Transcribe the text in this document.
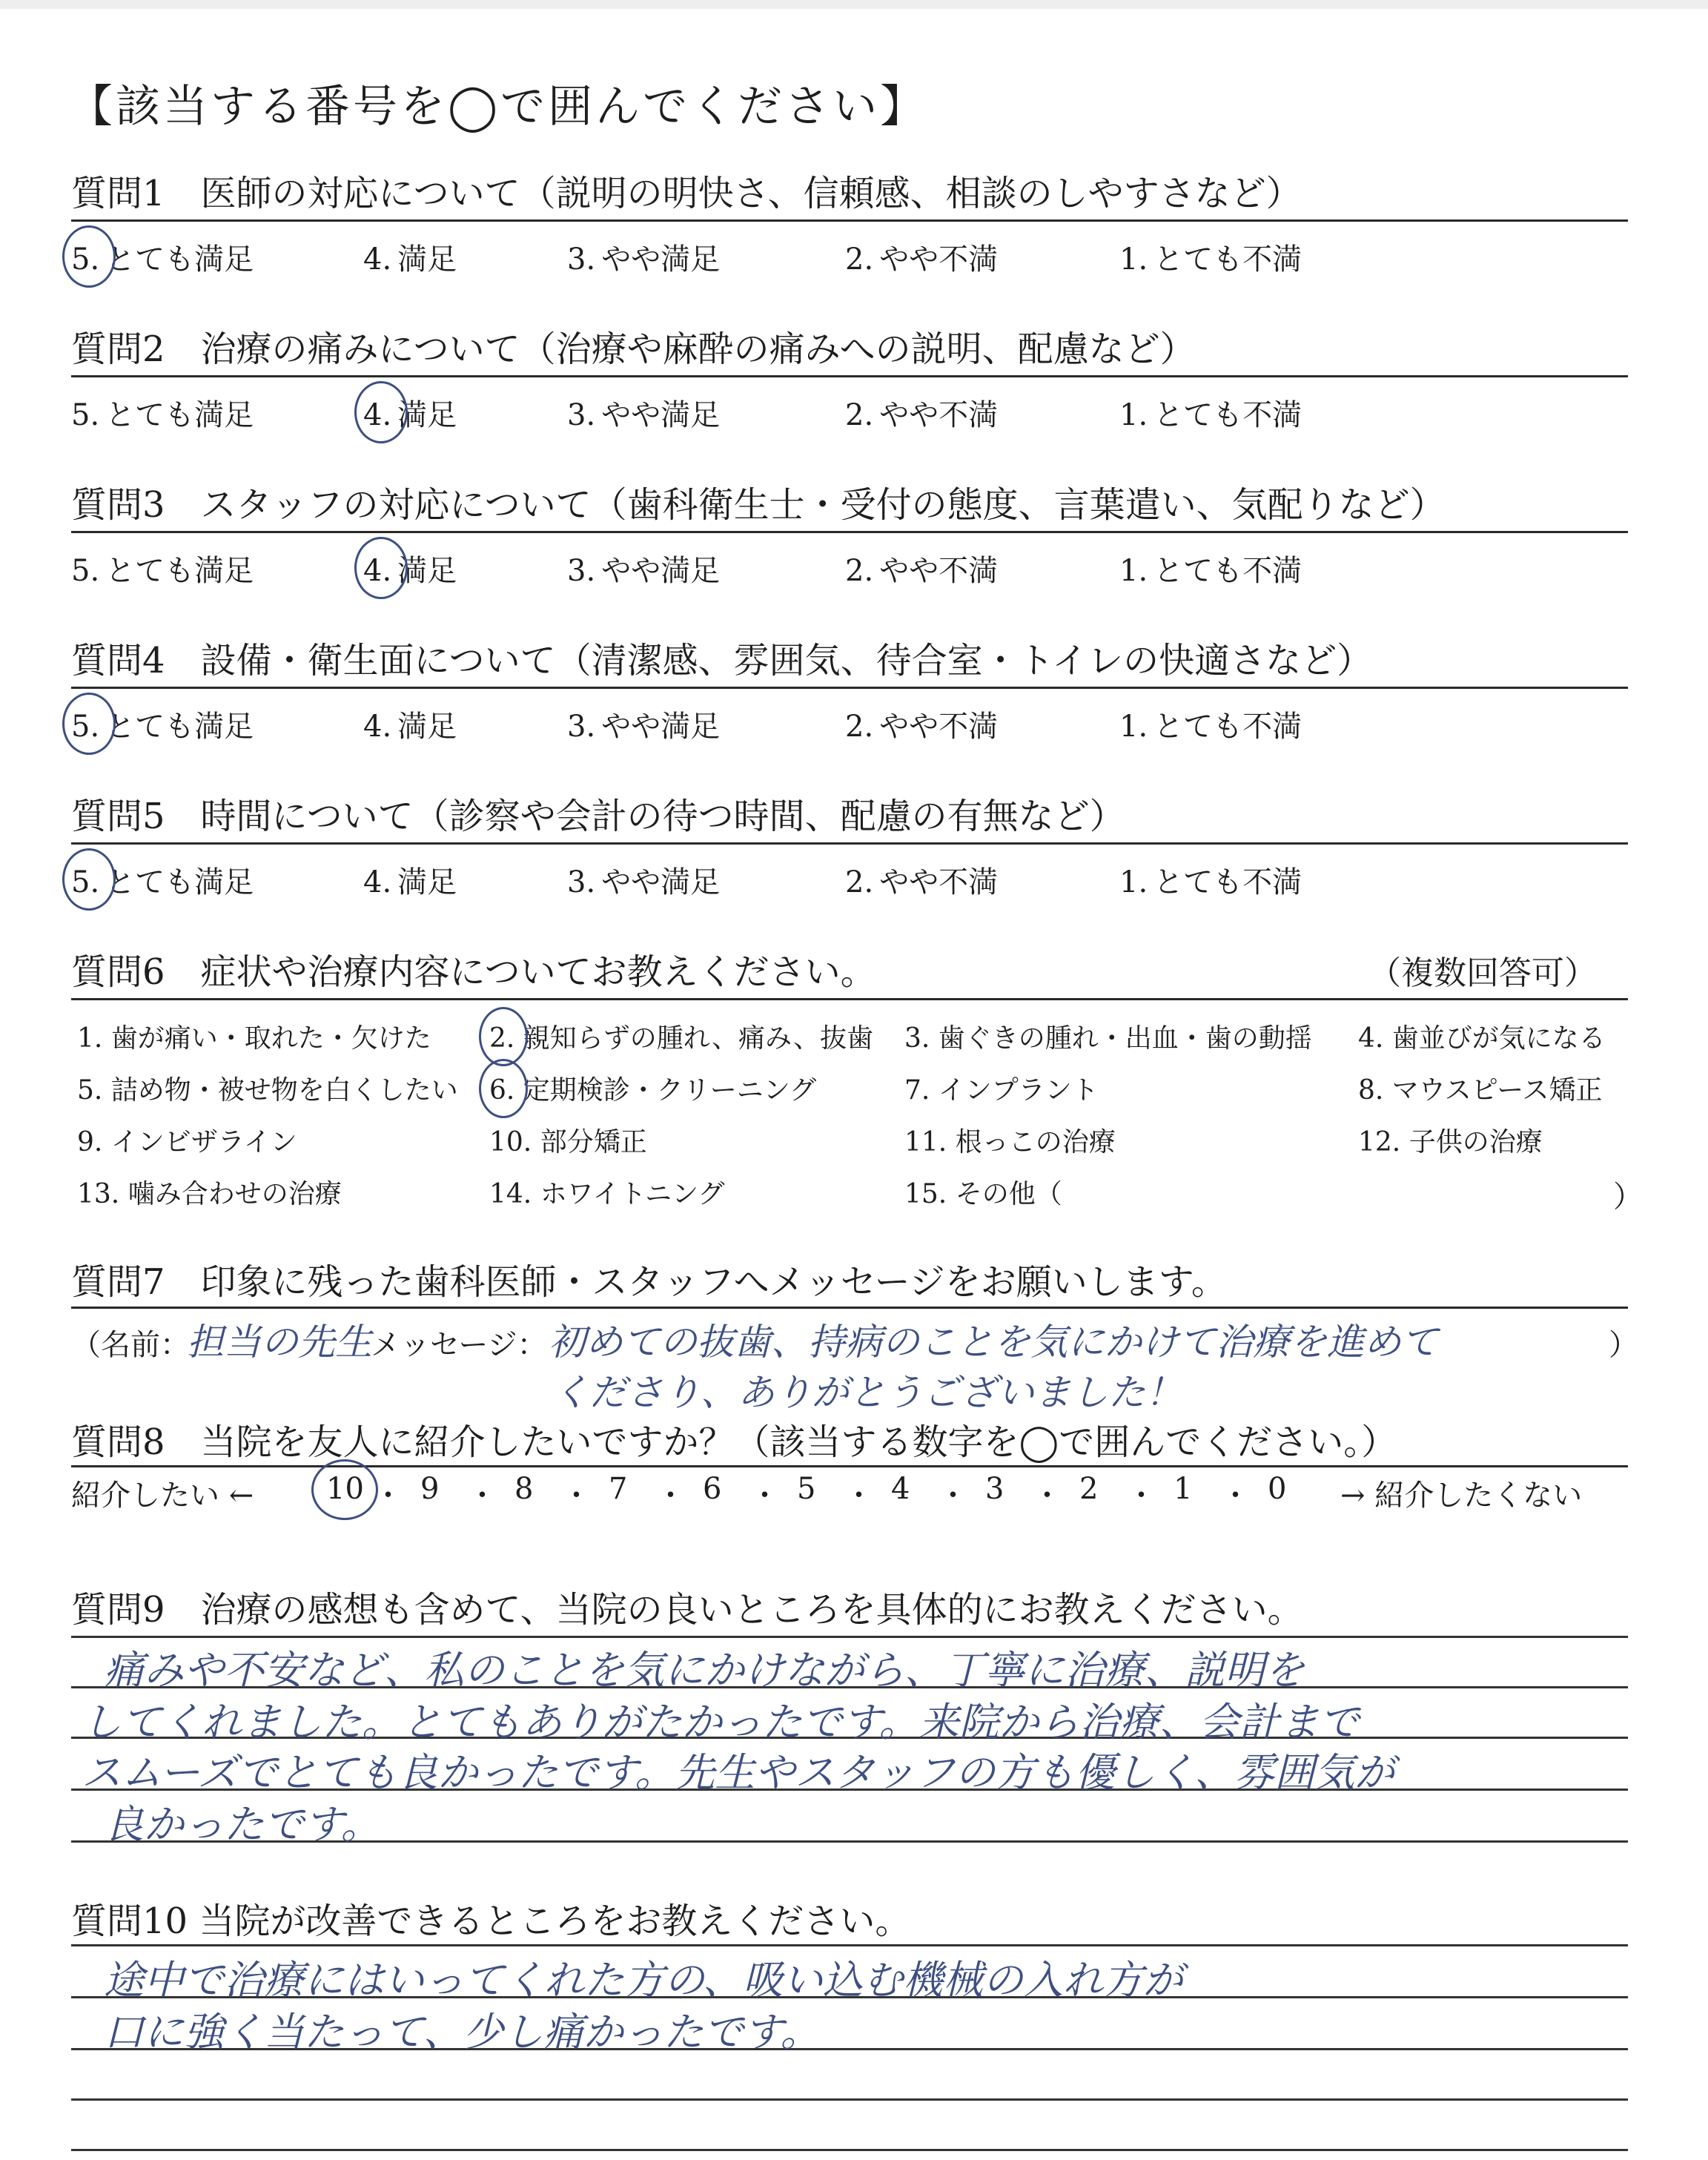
【該当する番号を◯で囲んでください】
質問1　医師の対応について（説明の明快さ、信頼感、相談のしやすさなど）
5. とても満足	4. 満足	3. やや満足	2. やや不満	1. とても不満
質問2　治療の痛みについて（治療や麻酔の痛みへの説明、配慮など）
5. とても満足	4. 満足	3. やや満足	2. やや不満	1. とても不満
質問3　スタッフの対応について（歯科衛生士・受付の態度、言葉遣い、気配りなど）
5. とても満足	4. 満足	3. やや満足	2. やや不満	1. とても不満
質問4　設備・衛生面について（清潔感、雰囲気、待合室・トイレの快適さなど）
5. とても満足	4. 満足	3. やや満足	2. やや不満	1. とても不満
質問5　時間について（診察や会計の待つ時間、配慮の有無など）
5. とても満足	4. 満足	3. やや満足	2. やや不満	1. とても不満
質問6　症状や治療内容についてお教えください。	（複数回答可）
1. 歯が痛い・取れた・欠けた 2. 親知らずの腫れ、痛み、抜歯 3. 歯ぐきの腫れ・出血・歯の動揺 4. 歯並びが気になる
5. 詰め物・被せ物を白くしたい 6. 定期検診・クリーニング	7. インプラント	8. マウスピース矯正
9. インビザライン	10. 部分矯正	11. 根っこの治療	12. 子供の治療
13. 噛み合わせの治療	14. ホワイトニング	15. その他（	）
質問7　印象に残った歯科医師・スタッフへメッセージをお願いします。
（名前：
担当の先生
メッセージ： 初めての抜歯、持病のことを気にかけて治療を進めて	）
くださり、ありがとうございました！
質問8　当院を友人に紹介したいですか？（該当する数字を◯で囲んでください。）
紹介したい ← 10 ・ 9 ・ 8 ・ 7 ・ 6 ・ 5 ・ 4 ・ 3 ・ 2 ・ 1 ・ 0 → 紹介したくない
質問9　治療の感想も含めて、当院の良いところを具体的にお教えください。
痛みや不安など、私のことを気にかけながら、丁寧に治療、説明を
してくれました。とてもありがたかったです。来院から治療、会計まで
スムーズでとても良かったです。先生やスタッフの方も優しく、雰囲気が
良かったです。
質問10 当院が改善できるところをお教えください。
途中で治療にはいってくれた方の、吸い込む機械の入れ方が
口に強く当たって、少し痛かったです。
